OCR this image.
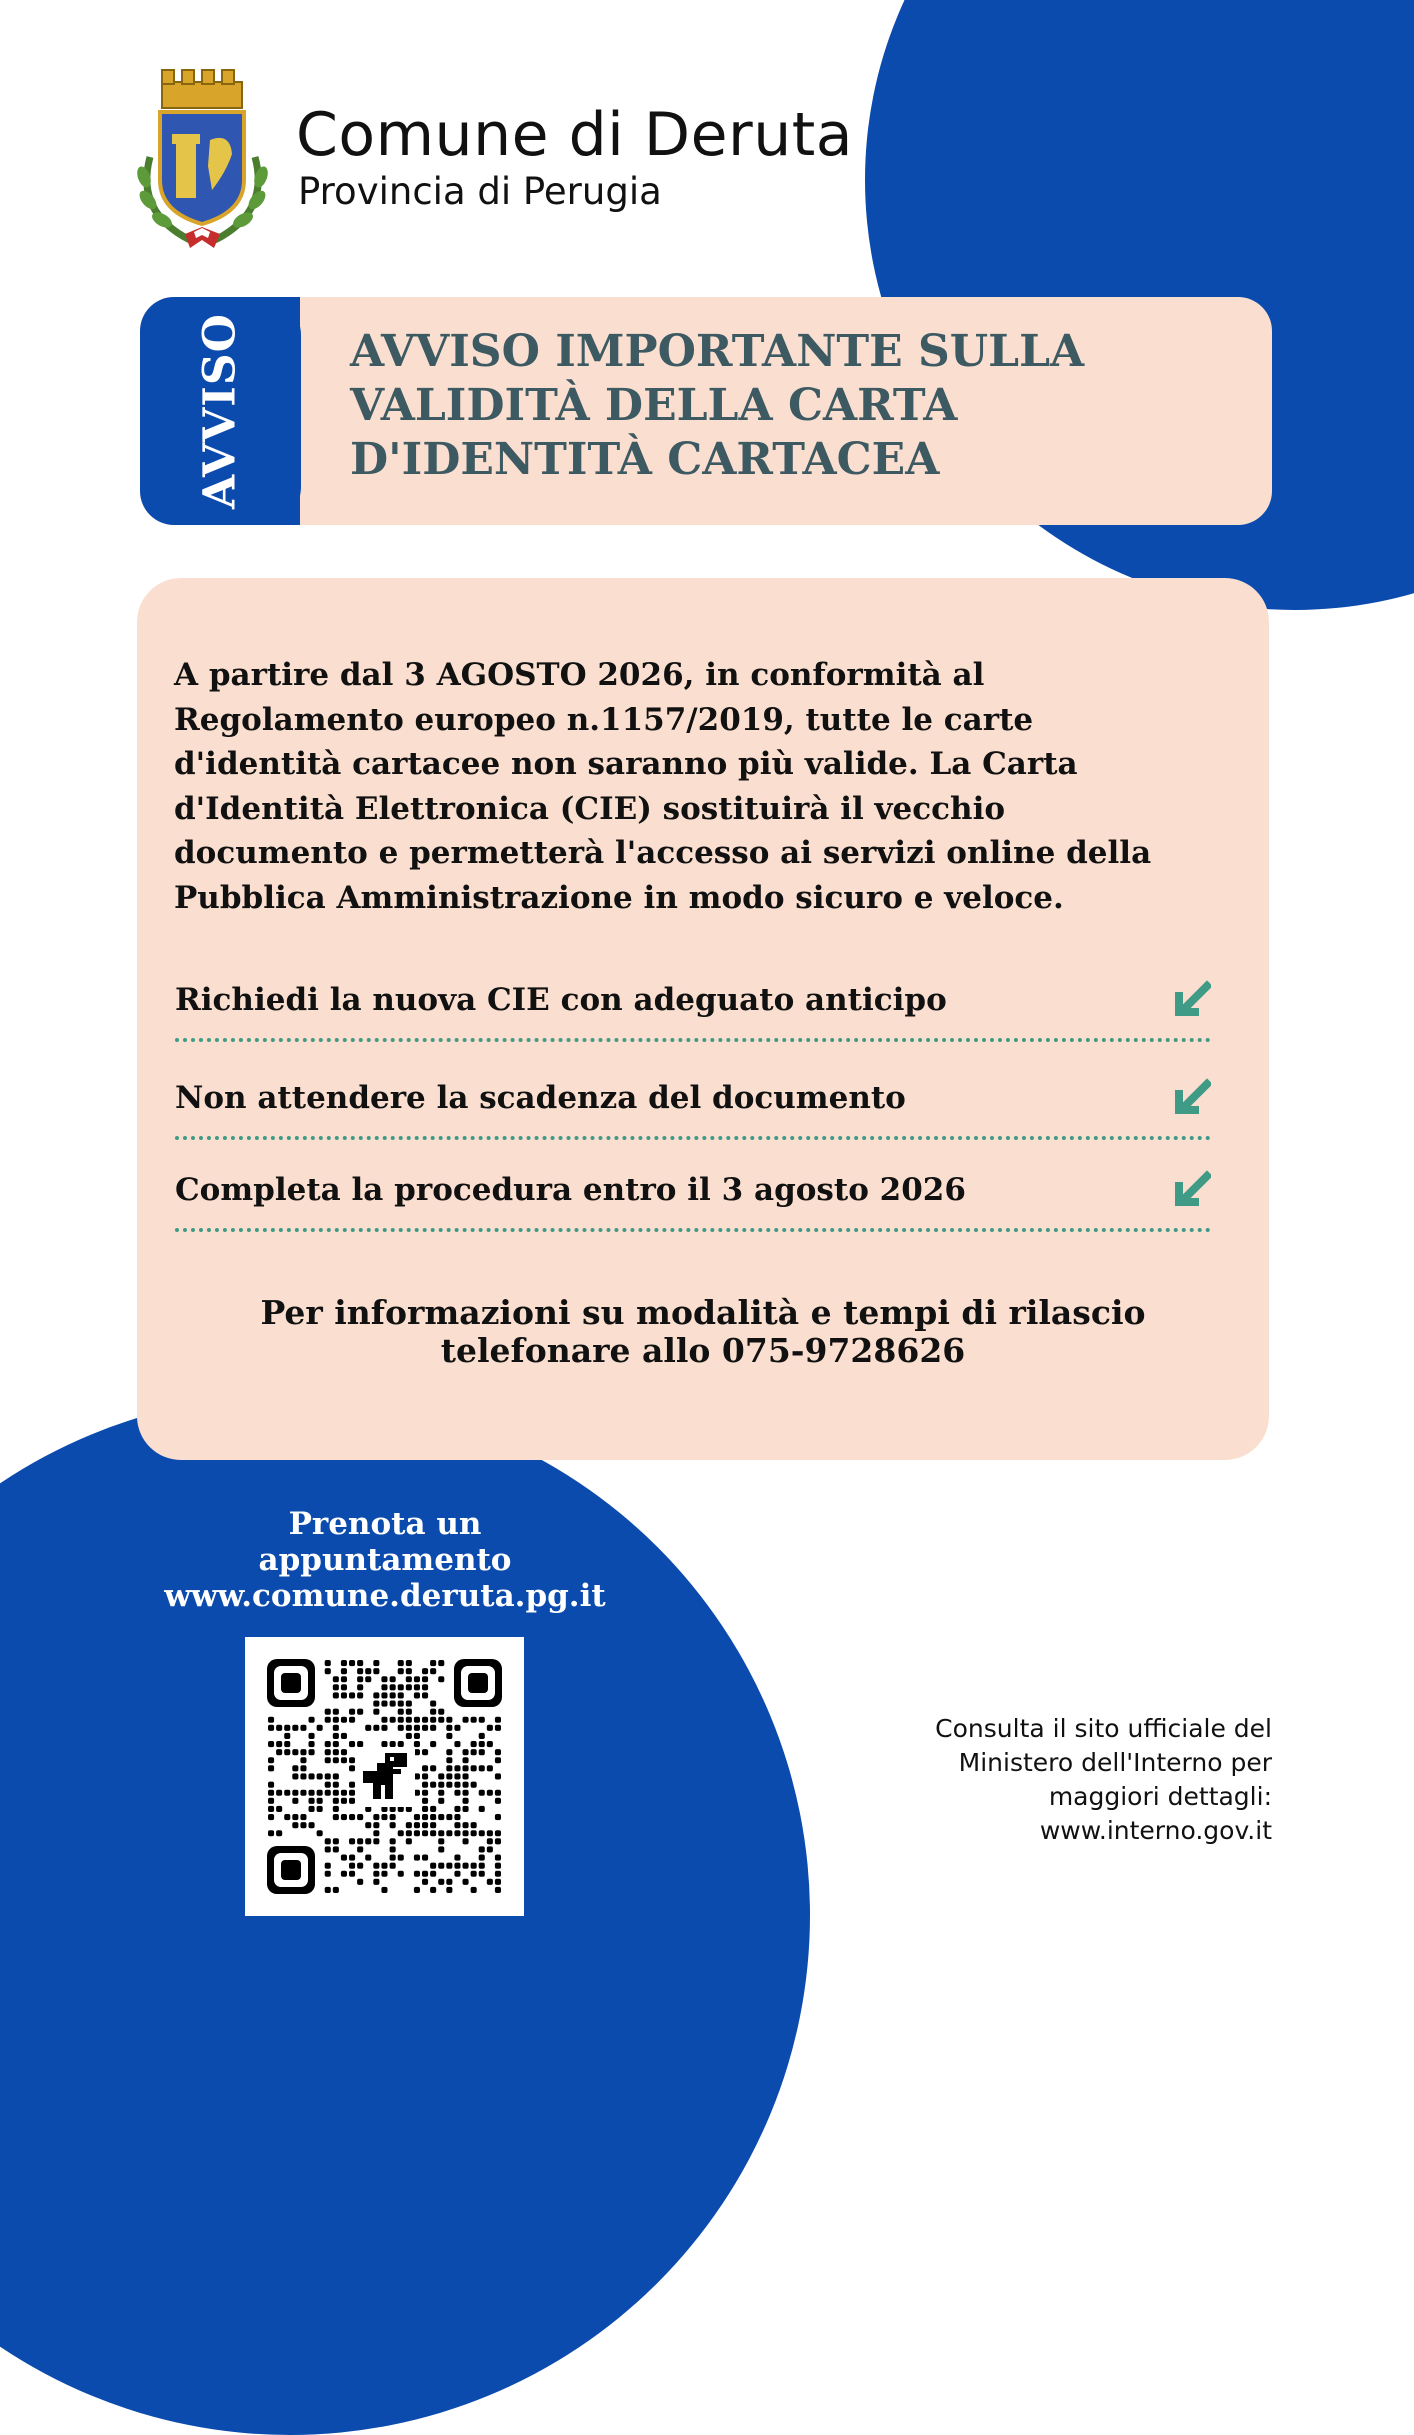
Comune di Deruta
Provincia di Perugia
AVVISO AVVISO IMPORTANTE SULLA
VALIDITÀ DELLA CARTA
D'IDENTITÀ CARTACEA
A partire dal 3 AGOSTO 2026, in conformità al
Regolamento europeo n.1157/2019, tutte le carte
d'identità cartacee non saranno più valide. La Carta
d'Identità Elettronica (CIE) sostituirà il vecchio
documento e permetterà l'accesso ai servizi online della
Pubblica Amministrazione in modo sicuro e veloce.
Richiedi la nuova CIE con adeguato anticipo
Non attendere la scadenza del documento
Completa la procedura entro il 3 agosto 2026
Per informazioni su modalità e tempi di rilascio
telefonare allo 075-9728626
Prenota un
appuntamento
www.comune.deruta.pg.it
Consulta il sito ufficiale del
Ministero dell'Interno per
maggiori dettagli:
www.interno.gov.it
